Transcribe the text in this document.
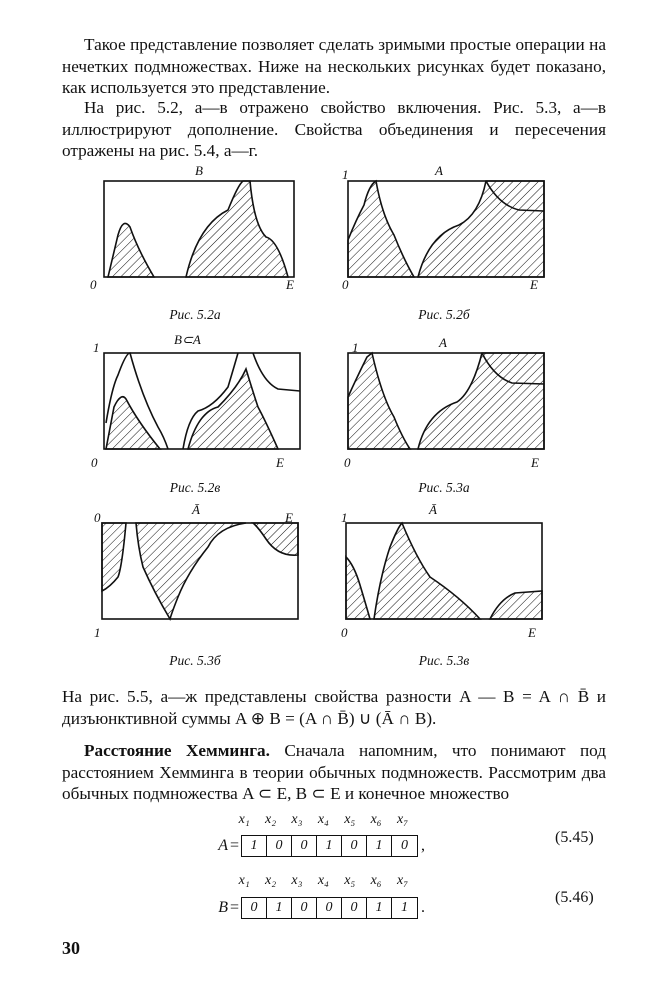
Такое представление позволяет сделать зримыми простые операции на нечетких подмножествах. Ниже на нескольких рисунках будет показано, как используется это представление.
На рис. 5.2, а—в отражено свойство включения. Рис. 5.3, а—в иллюстрируют дополнение. Свойства объединения и пересечения отражены на рис. 5.4, а—г.
B
0	E
Рис. 5.2а
A
1
0	E
Рис. 5.2б
B⊂A
1
0	E
Рис. 5.2в
A
1
0	E
Рис. 5.3а
Ā
0	E
1
Рис. 5.3б
Ā
1
0	E
Рис. 5.3в
На рис. 5.5, а—ж представлены свойства разности A — B = A ∩ B̄ и дизъюнктивной суммы A ⊕ B = (A ∩ B̄) ∪ (Ā ∩ B).
Расстояние Хемминга. Сначала напомним, что понимают под расстоянием Хемминга в теории обычных подмножеств. Рассмотрим два обычных подмножества A ⊂ E, B ⊂ E и конечное множество
x₁	x₂	x₃	x₄	x₅	x₆	x₇
A = 1	0	0	1	0	1	0 ,	(5.45)
x₁	x₂	x₃	x₄	x₅	x₆	x₇
B = 0	1	0	0	0	1	1 .
(5.46)
30
